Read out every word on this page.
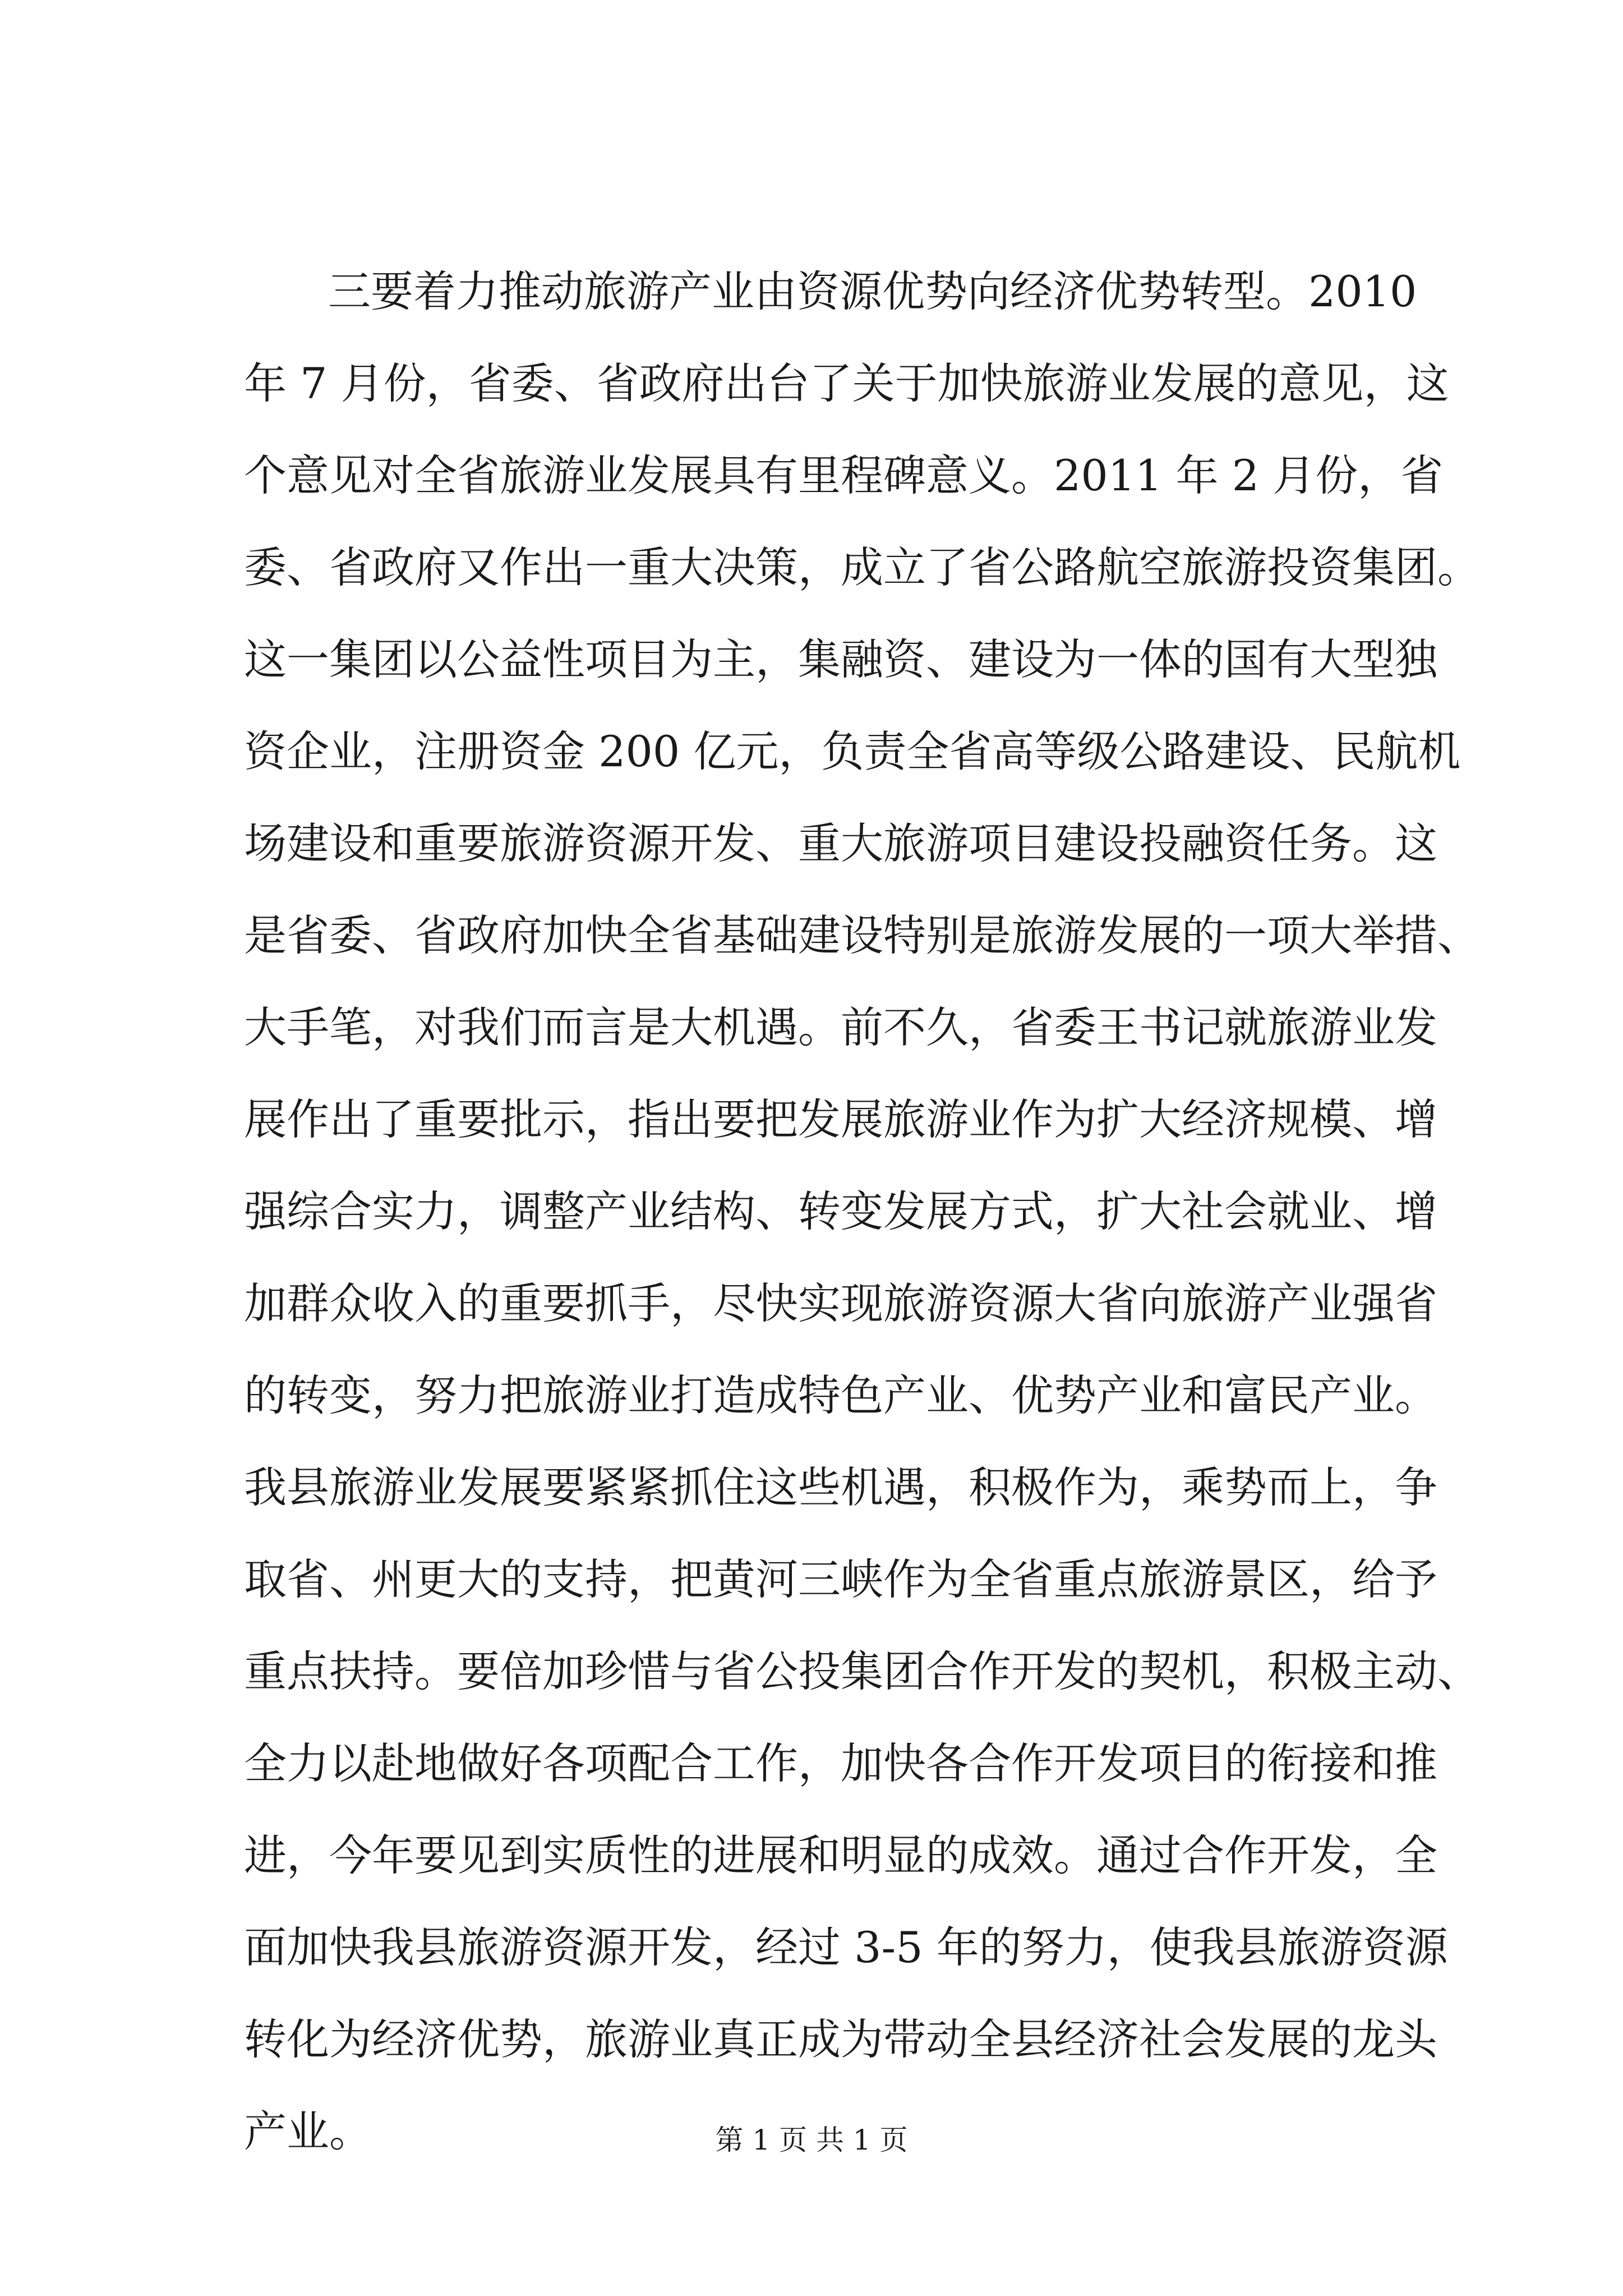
三要着力推动旅游产业由资源优势向经济优势转型。2010
年 7 月份，省委、省政府出台了关于加快旅游业发展的意见，这
个意见对全省旅游业发展具有里程碑意义。2011 年 2 月份，省
委、省政府又作出一重大决策，成立了省公路航空旅游投资集团。
这一集团以公益性项目为主，集融资、建设为一体的国有大型独
资企业，注册资金 200 亿元，负责全省高等级公路建设、民航机
场建设和重要旅游资源开发、重大旅游项目建设投融资任务。这
是省委、省政府加快全省基础建设特别是旅游发展的一项大举措、
大手笔，对我们而言是大机遇。前不久，省委王书记就旅游业发
展作出了重要批示，指出要把发展旅游业作为扩大经济规模、增
强综合实力，调整产业结构、转变发展方式，扩大社会就业、增
加群众收入的重要抓手，尽快实现旅游资源大省向旅游产业强省
的转变，努力把旅游业打造成特色产业、优势产业和富民产业。
我县旅游业发展要紧紧抓住这些机遇，积极作为，乘势而上，争
取省、州更大的支持，把黄河三峡作为全省重点旅游景区，给予
重点扶持。要倍加珍惜与省公投集团合作开发的契机，积极主动、
全力以赴地做好各项配合工作，加快各合作开发项目的衔接和推
进，今年要见到实质性的进展和明显的成效。通过合作开发，全
面加快我县旅游资源开发，经过 3-5 年的努力，使我县旅游资源
转化为经济优势，旅游业真正成为带动全县经济社会发展的龙头
产业。	第 1 页 共 1 页
